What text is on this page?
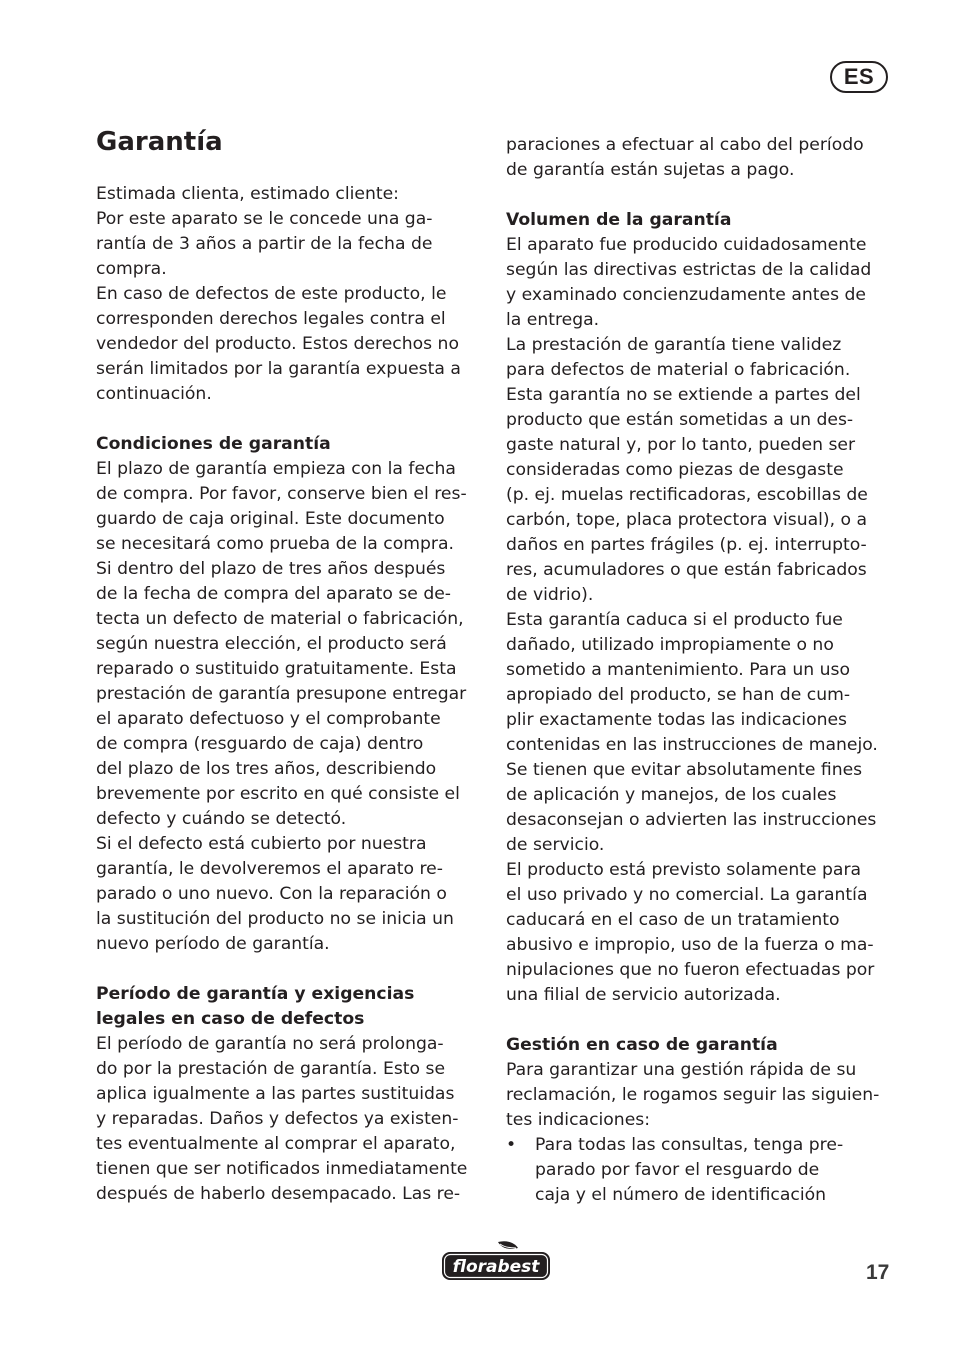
ES
Garantía

Estimada clienta, estimado cliente:
Por este aparato se le concede una ga-
rantía de 3 años a partir de la fecha de
compra.
En caso de defectos de este producto, le
corresponden derechos legales contra el
vendedor del producto. Estos derechos no
serán limitados por la garantía expuesta a
continuación.

Condiciones de garantía
El plazo de garantía empieza con la fecha
de compra. Por favor, conserve bien el res-
guardo de caja original. Este documento
se necesitará como prueba de la compra.
Si dentro del plazo de tres años después
de la fecha de compra del aparato se de-
tecta un defecto de material o fabricación,
según nuestra elección, el producto será
reparado o sustituido gratuitamente. Esta
prestación de garantía presupone entregar
el aparato defectuoso y el comprobante
de compra (resguardo de caja) dentro
del plazo de los tres años, describiendo
brevemente por escrito en qué consiste el
defecto y cuándo se detectó.
Si el defecto está cubierto por nuestra
garantía, le devolveremos el aparato re-
parado o uno nuevo. Con la reparación o
la sustitución del producto no se inicia un
nuevo período de garantía.

Período de garantía y exigencias
legales en caso de defectos
El período de garantía no será prolonga-
do por la prestación de garantía. Esto se
aplica igualmente a las partes sustituidas
y reparadas. Daños y defectos ya existen-
tes eventualmente al comprar el aparato,
tienen que ser notificados inmediatamente
después de haberlo desempacado. Las re-

paraciones a efectuar al cabo del período
de garantía están sujetas a pago.

Volumen de la garantía
El aparato fue producido cuidadosamente
según las directivas estrictas de la calidad
y examinado concienzudamente antes de
la entrega.
La prestación de garantía tiene validez
para defectos de material o fabricación.
Esta garantía no se extiende a partes del
producto que están sometidas a un des-
gaste natural y, por lo tanto, pueden ser
consideradas como piezas de desgaste
(p. ej. muelas rectificadoras, escobillas de
carbón, tope, placa protectora visual), o a
daños en partes frágiles (p. ej. interrupto-
res, acumuladores o que están fabricados
de vidrio).
Esta garantía caduca si el producto fue
dañado, utilizado impropiamente o no
sometido a mantenimiento. Para un uso
apropiado del producto, se han de cum-
plir exactamente todas las indicaciones
contenidas en las instrucciones de manejo.
Se tienen que evitar absolutamente fines
de aplicación y manejos, de los cuales
desaconsejan o advierten las instrucciones
de servicio.
El producto está previsto solamente para
el uso privado y no comercial. La garantía
caducará en el caso de un tratamiento
abusivo e impropio, uso de la fuerza o ma-
nipulaciones que no fueron efectuadas por
una filial de servicio autorizada.

Gestión en caso de garantía
Para garantizar una gestión rápida de su
reclamación, le rogamos seguir las siguien-
tes indicaciones:

• Para todas las consultas, tenga pre-
parado por favor el resguardo de
caja y el número de identificación
florabest	17
